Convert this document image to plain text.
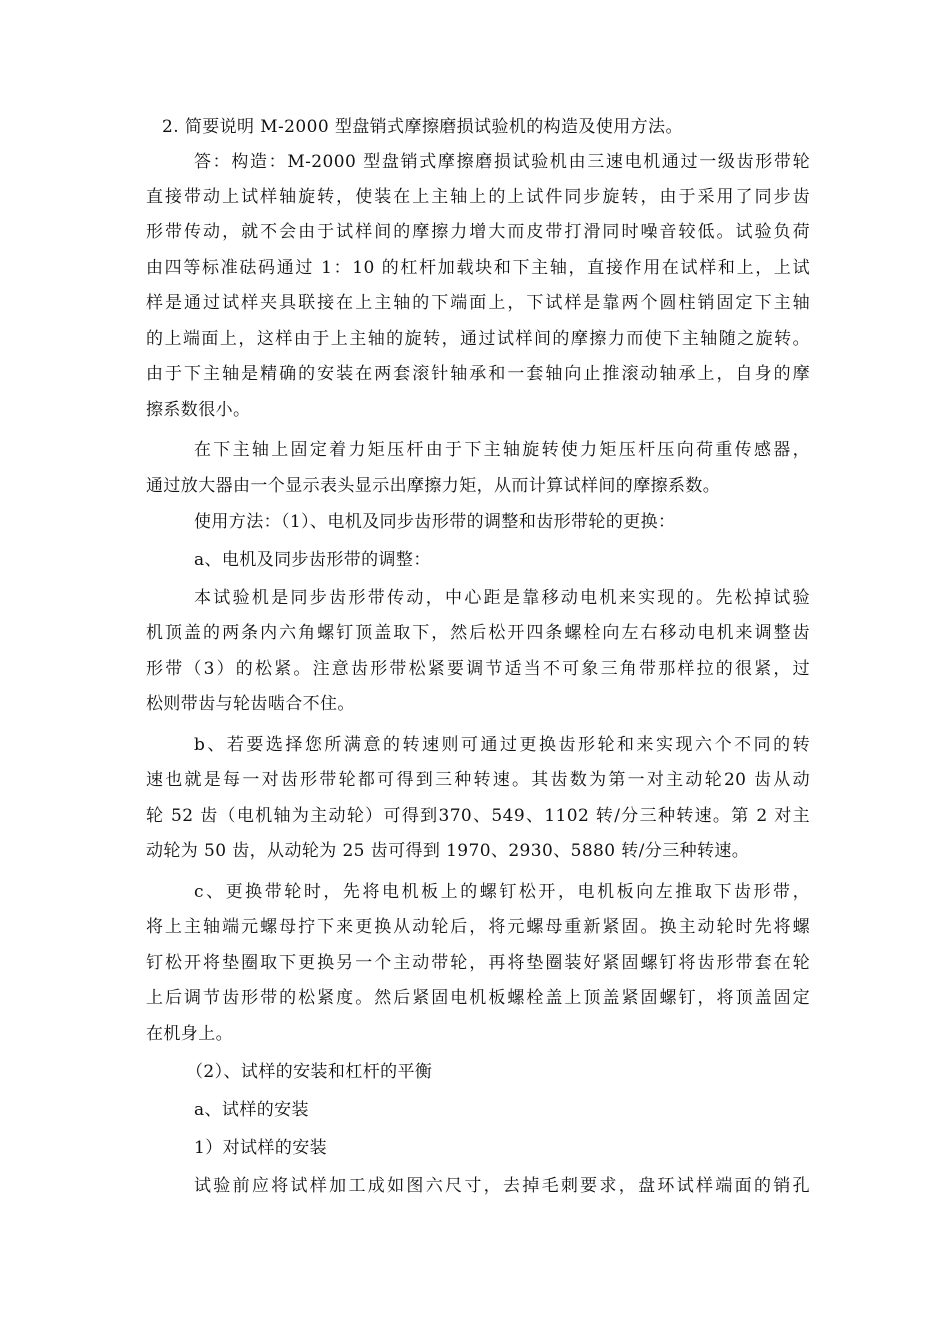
2. 简要说明 M-2000 型盘销式摩擦磨损试验机的构造及使用方法。
答：构造：M-2000 型盘销式摩擦磨损试验机由三速电机通过一级齿形带轮
直接带动上试样轴旋转，使装在上主轴上的上试件同步旋转，由于采用了同步齿
形带传动，就不会由于试样间的摩擦力增大而皮带打滑同时噪音较低。试验负荷
由四等标准砝码通过 1：10 的杠杆加载块和下主轴，直接作用在试样和上，上试
样是通过试样夹具联接在上主轴的下端面上，下试样是靠两个圆柱销固定下主轴
的上端面上，这样由于上主轴的旋转，通过试样间的摩擦力而使下主轴随之旋转。
由于下主轴是精确的安装在两套滚针轴承和一套轴向止推滚动轴承上，自身的摩
擦系数很小。
在下主轴上固定着力矩压杆由于下主轴旋转使力矩压杆压向荷重传感器，
通过放大器由一个显示表头显示出摩擦力矩，从而计算试样间的摩擦系数。
使用方法：（1）、电机及同步齿形带的调整和齿形带轮的更换：
a、电机及同步齿形带的调整：
本试验机是同步齿形带传动，中心距是靠移动电机来实现的。先松掉试验
机顶盖的两条内六角螺钉顶盖取下，然后松开四条螺栓向左右移动电机来调整齿
形带（3）的松紧。注意齿形带松紧要调节适当不可象三角带那样拉的很紧，过
松则带齿与轮齿啮合不住。
b、若要选择您所满意的转速则可通过更换齿形轮和来实现六个不同的转
速也就是每一对齿形带轮都可得到三种转速。其齿数为第一对主动轮20 齿从动
轮 52 齿（电机轴为主动轮）可得到370、549、1102 转/分三种转速。第 2 对主
动轮为 50 齿，从动轮为 25 齿可得到 1970、2930、5880 转/分三种转速。
c、更换带轮时，先将电机板上的螺钉松开，电机板向左推取下齿形带，
将上主轴端元螺母拧下来更换从动轮后，将元螺母重新紧固。换主动轮时先将螺
钉松开将垫圈取下更换另一个主动带轮，再将垫圈装好紧固螺钉将齿形带套在轮
上后调节齿形带的松紧度。然后紧固电机板螺栓盖上顶盖紧固螺钉，将顶盖固定
在机身上。
（2）、试样的安装和杠杆的平衡
a、试样的安装
1）对试样的安装
试验前应将试样加工成如图六尺寸，去掉毛刺要求，盘环试样端面的销孔
